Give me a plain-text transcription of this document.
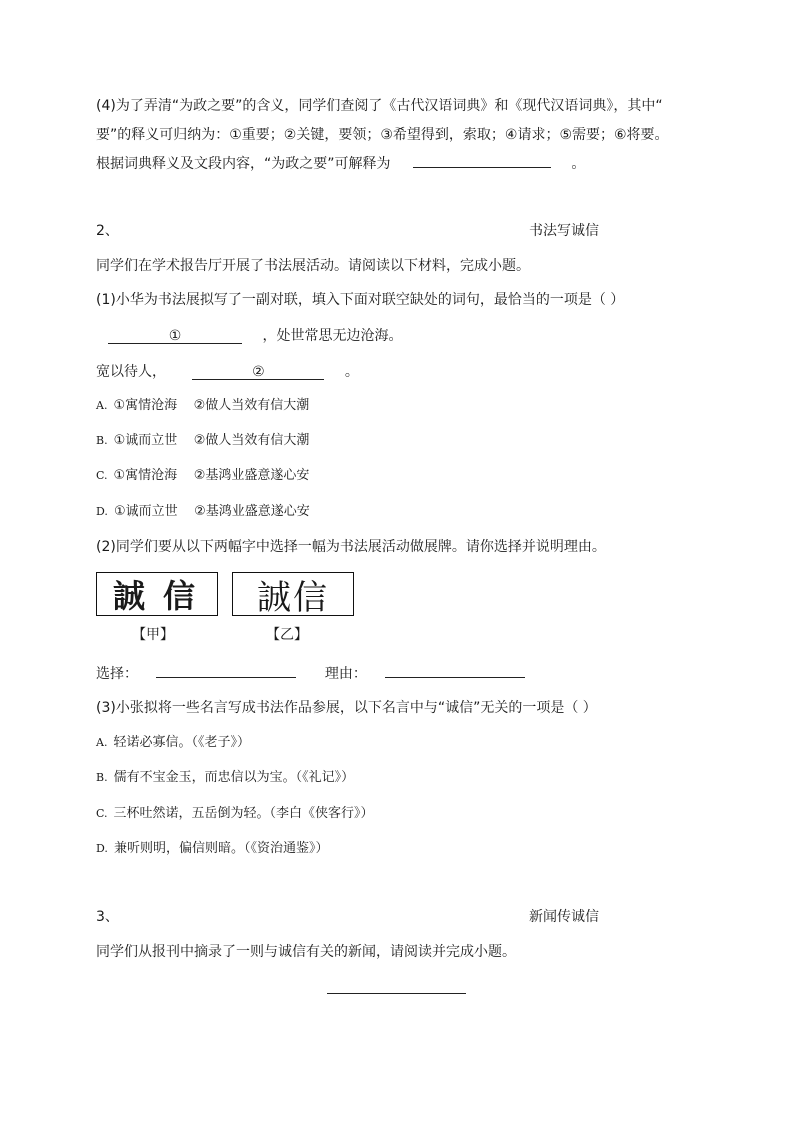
(4)为了弄清“为政之要”的含义，同学们查阅了《古代汉语词典》和《现代汉语词典》，其中“
要”的释义可归纳为：①重要；②关键，要领；③希望得到，索取；④请求；⑤需要；⑥将要。
根据词典释义及文段内容，“为政之要”可解释为	。
2、	书法写诚信
同学们在学术报告厅开展了书法展活动。请阅读以下材料，完成小题。
(1)小华为书法展拟写了一副对联，填入下面对联空缺处的词句，最恰当的一项是（ ）
①	，处世常思无边沧海。
宽以待人，	②	。
A. ①寓情沧海    ②做人当效有信大潮
B. ①诚而立世    ②做人当效有信大潮
C. ①寓情沧海    ②基鸿业盛意遂心安
D. ①诚而立世    ②基鸿业盛意遂心安
(2)同学们要从以下两幅字中选择一幅为书法展活动做展牌。请你选择并说明理由。
誠信	誠信
【甲】	【乙】
选择：	理由：
(3)小张拟将一些名言写成书法作品参展，以下名言中与“诚信”无关的一项是（ ）
A. 轻诺必寡信。（《老子》）
B. 儒有不宝金玉，而忠信以为宝。（《礼记》）
C. 三杯吐然诺，五岳倒为轻。（李白《侠客行》）
D. 兼听则明，偏信则暗。（《资治通鉴》）
3、	新闻传诚信
同学们从报刊中摘录了一则与诚信有关的新闻，请阅读并完成小题。
